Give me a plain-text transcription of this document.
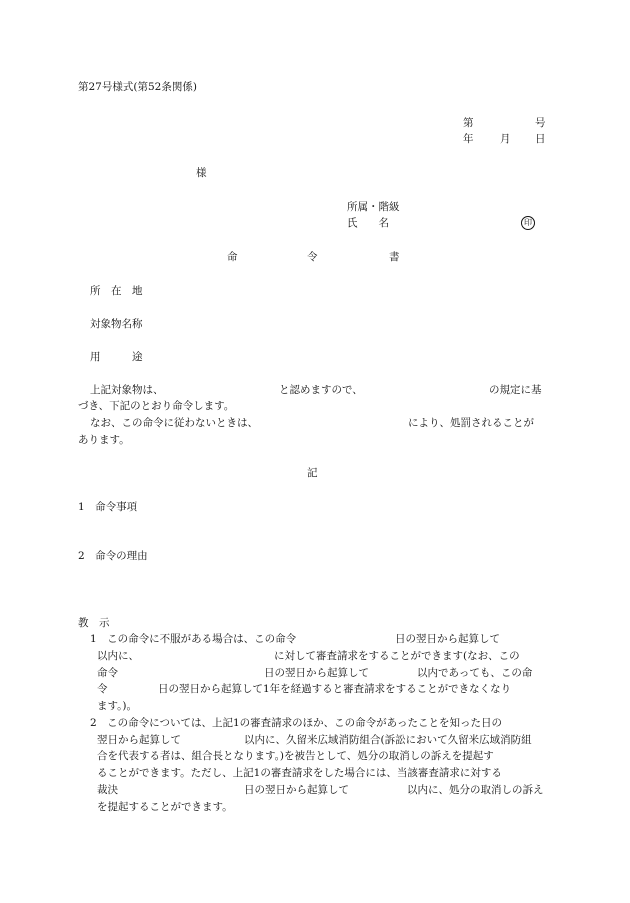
第27号様式(第52条関係)
第	号
年	月 日
様
所属・階級
氏　　名	印
命	令	書
所　在　地
対象物名称
用　　　途
上記対象物は、	と認めますので、	の規定に基
づき、下記のとおり命令します。
なお、この命令に従わないときは、	により、処罰されることが
あります。
記
1　命令事項
2　命令の理由
教　示
1　この命令に不服がある場合は、この命令	日の翌日から起算して
以内に、	に対して審査請求をすることができます(なお、この
命令	日の翌日から起算して	以内であっても、この命
令	日の翌日から起算して1年を経過すると審査請求をすることができなくなり
ます。)。
2　この命令については、上記1の審査請求のほか、この命令があったことを知った日の
翌日から起算して	以内に、久留米広域消防組合(訴訟において久留米広域消防組
合を代表する者は、組合長となります。)を被告として、処分の取消しの訴えを提起す
ることができます。ただし、上記1の審査請求をした場合には、当該審査請求に対する
裁決	日の翌日から起算して	以内に、処分の取消しの訴え
を提起することができます。
